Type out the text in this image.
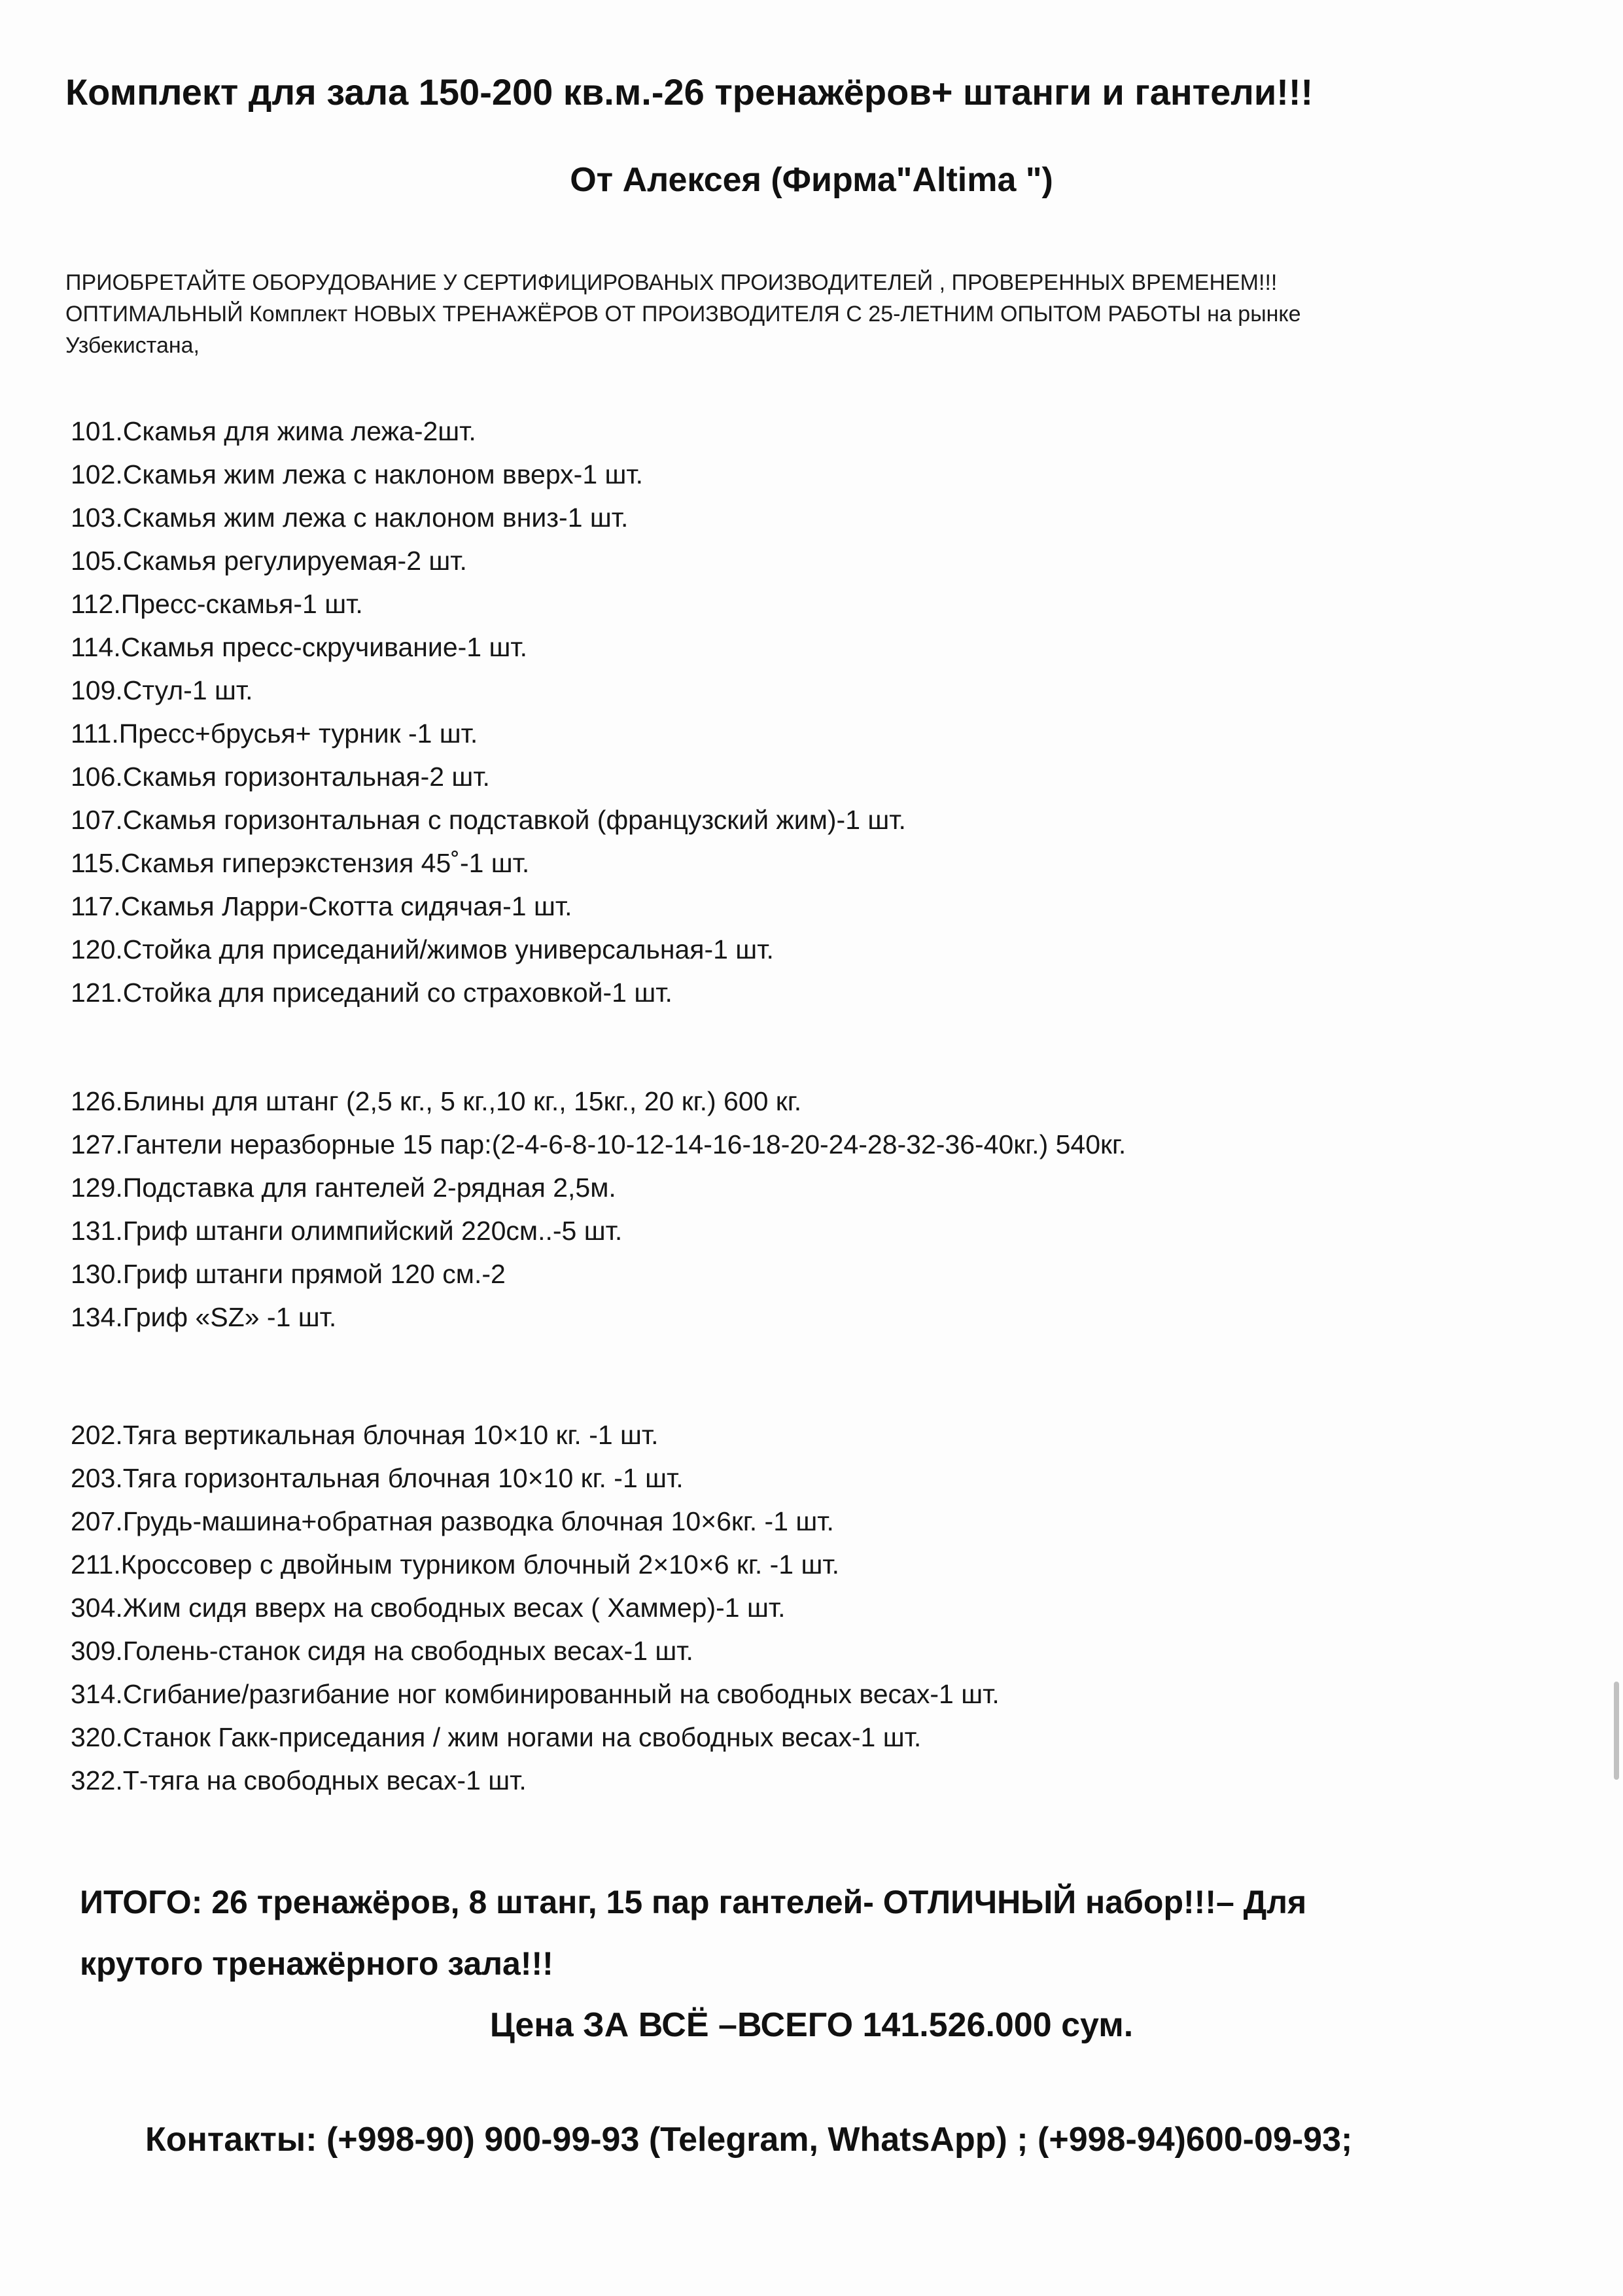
Комплект для зала 150-200 кв.м.-26 тренажёров+ штанги и гантели!!!
От Алексея (Фирма"Altima ")
ПРИОБРЕТАЙТЕ ОБОРУДОВАНИЕ У СЕРТИФИЦИРОВАНЫХ ПРОИЗВОДИТЕЛЕЙ , ПРОВЕРЕННЫХ ВРЕМЕНЕМ!!!
ОПТИМАЛЬНЫЙ Комплект НОВЫХ ТРЕНАЖЁРОВ ОТ ПРОИЗВОДИТЕЛЯ С 25-ЛЕТНИМ ОПЫТОМ РАБОТЫ на рынке
Узбекистана,
101.Скамья для жима лежа-2шт.
102.Скамья жим лежа с наклоном вверх-1 шт.
103.Скамья жим лежа с наклоном вниз-1 шт.
105.Скамья регулируемая-2 шт.
112.Пресс-скамья-1 шт.
114.Скамья пресс-скручивание-1 шт.
109.Стул-1 шт.
111.Пресс+брусья+ турник -1 шт.
106.Скамья горизонтальная-2 шт.
107.Скамья горизонтальная с подставкой (французский жим)-1 шт.
115.Скамья гиперэкстензия 45˚-1 шт.
117.Скамья Ларри-Скотта сидячая-1 шт.
120.Стойка для приседаний/жимов универсальная-1 шт.
121.Стойка для приседаний со страховкой-1 шт.
126.Блины для штанг (2,5 кг., 5 кг.,10 кг., 15кг., 20 кг.) 600 кг.
127.Гантели неразборные 15 пар:(2-4-6-8-10-12-14-16-18-20-24-28-32-36-40кг.) 540кг.
129.Подставка для гантелей 2-рядная 2,5м.
131.Гриф штанги олимпийский 220см..-5 шт.
130.Гриф штанги прямой 120 см.-2
134.Гриф «SZ» -1 шт.
202.Тяга вертикальная блочная 10×10 кг. -1 шт.
203.Тяга горизонтальная блочная 10×10 кг. -1 шт.
207.Грудь-машина+обратная разводка блочная 10×6кг. -1 шт.
211.Кроссовер с двойным турником блочный 2×10×6 кг. -1 шт.
304.Жим сидя вверх на свободных весах ( Хаммер)-1 шт.
309.Голень-станок сидя на свободных весах-1 шт.
314.Сгибание/разгибание ног комбинированный на свободных весах-1 шт.
320.Станок Гакк-приседания / жим ногами на свободных весах-1 шт.
322.Т-тяга на свободных весах-1 шт.
ИТОГО: 26 тренажёров, 8 штанг, 15 пар гантелей- ОТЛИЧНЫЙ набор!!!– Для
крутого тренажёрного зала!!!
Цена ЗА ВСЁ –ВСЕГО 141.526.000 сум.
Контакты: (+998-90) 900-99-93 (Telegram, WhatsApp) ; (+998-94)600-09-93;
